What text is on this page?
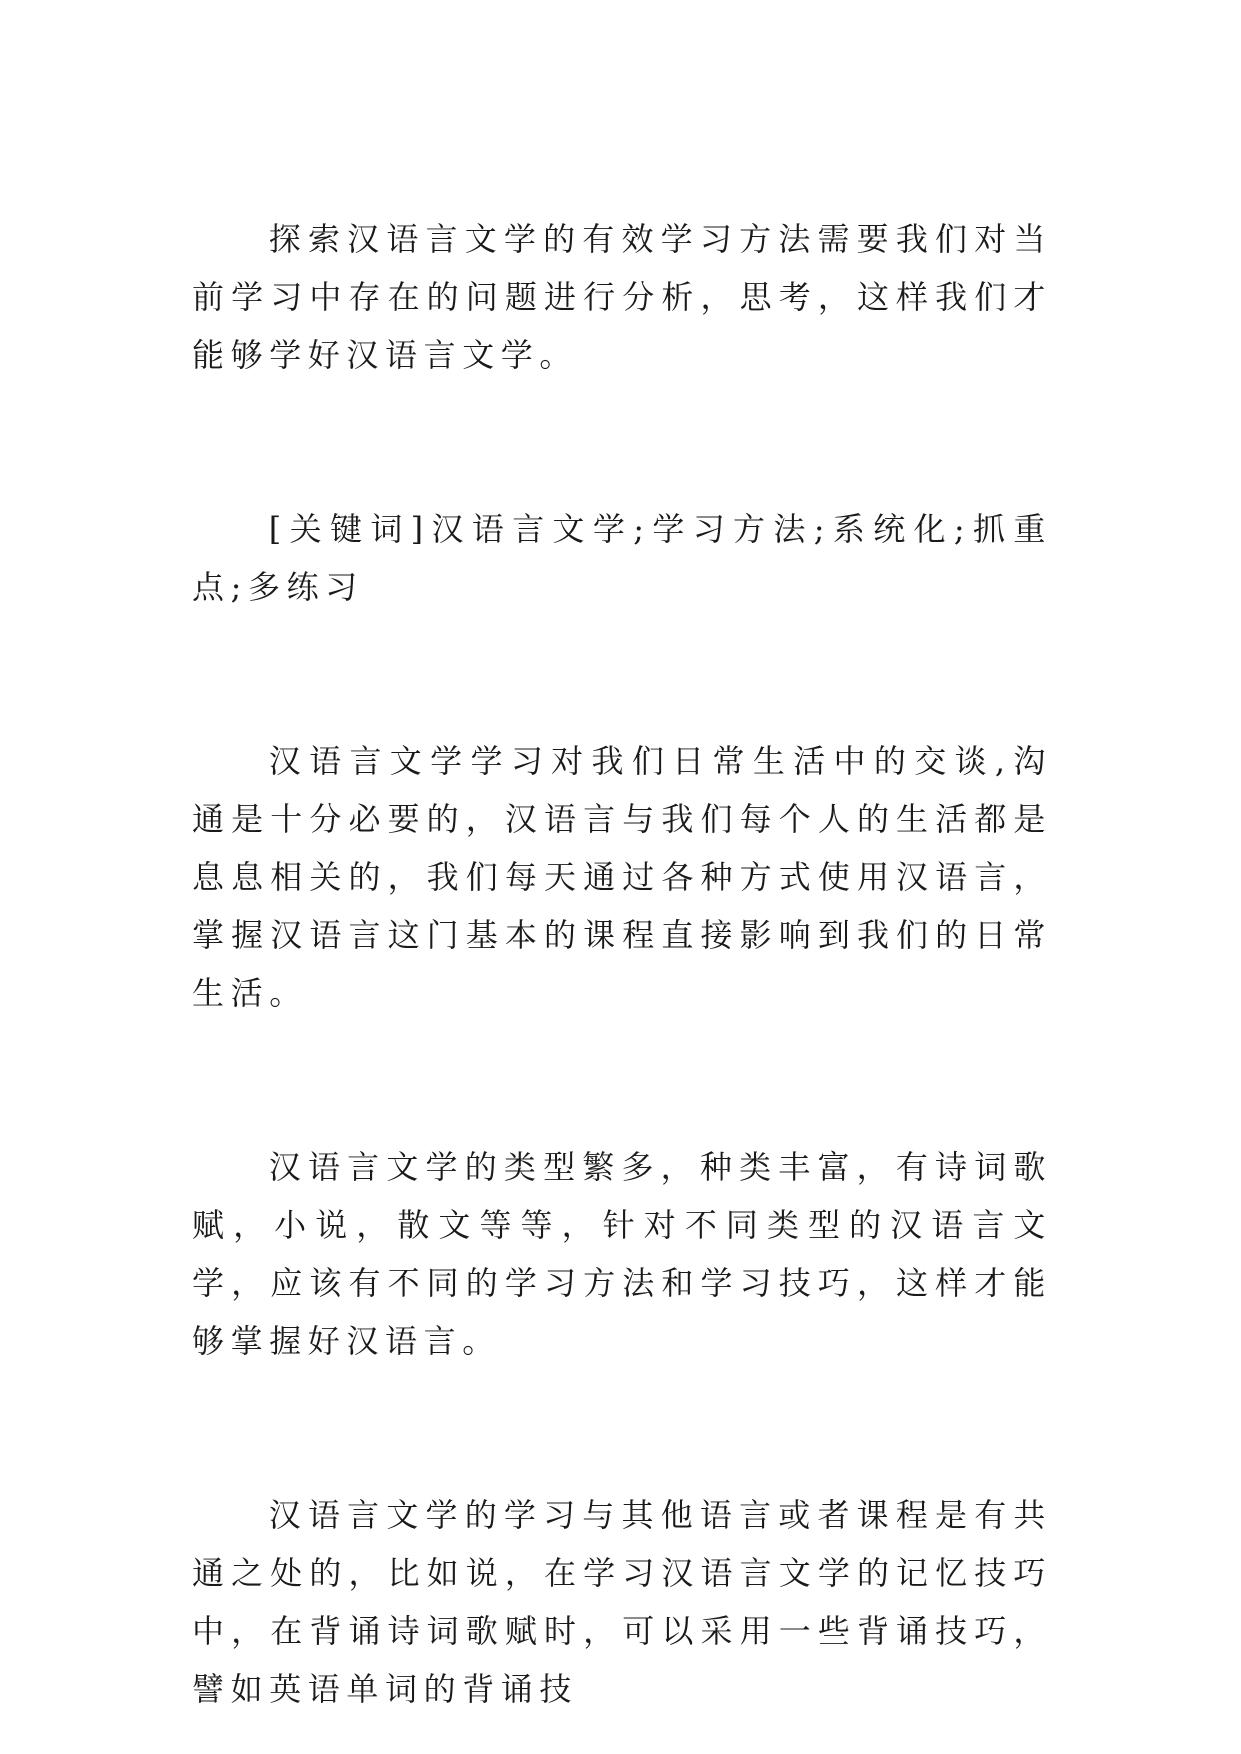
探索汉语言文学的有效学习方法需要我们对当前学习中存在的问题进行分析，思考，这样我们才能够学好汉语言文学。

[关键词]汉语言文学;学习方法;系统化;抓重点;多练习

汉语言文学学习对我们日常生活中的交谈,沟通是十分必要的，汉语言与我们每个人的生活都是息息相关的，我们每天通过各种方式使用汉语言，掌握汉语言这门基本的课程直接影响到我们的日常生活。

汉语言文学的类型繁多，种类丰富，有诗词歌赋，小说，散文等等，针对不同类型的汉语言文学，应该有不同的学习方法和学习技巧，这样才能够掌握好汉语言。

汉语言文学的学习与其他语言或者课程是有共通之处的，比如说，在学习汉语言文学的记忆技巧中，在背诵诗词歌赋时，可以采用一些背诵技巧，譬如英语单词的背诵技
